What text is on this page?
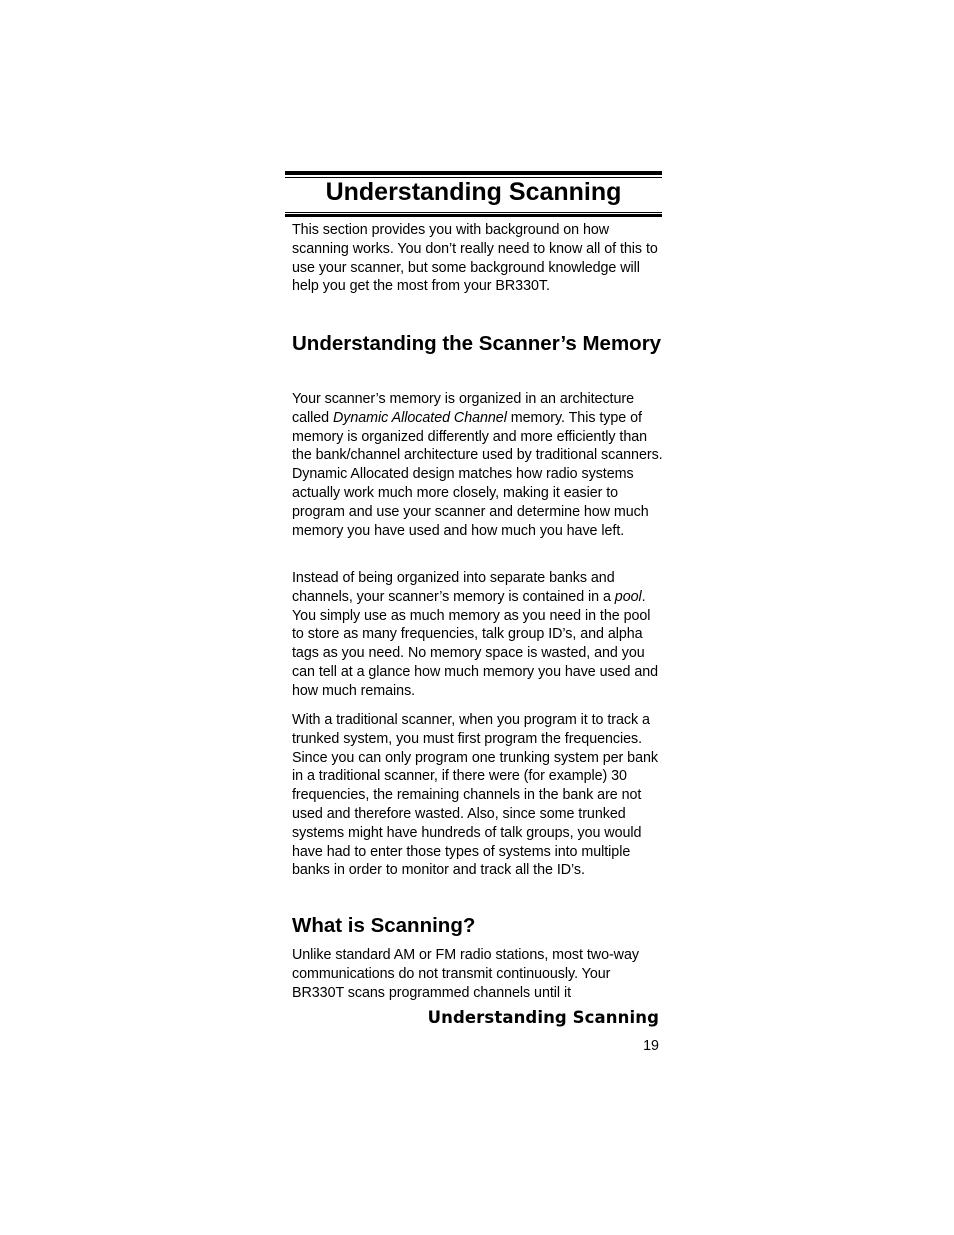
Understanding Scanning

This section provides you with background on how scanning works. You don’t really need to know all of this to use your scanner, but some background knowledge will help you get the most from your BR330T.

Understanding the Scanner’s Memory

Your scanner’s memory is organized in an architecture called Dynamic Allocated Channel memory. This type of memory is organized differently and more efficiently than the bank/channel architecture used by traditional scanners. Dynamic Allocated design matches how radio systems actually work much more closely, making it easier to program and use your scanner and determine how much memory you have used and how much you have left.

Instead of being organized into separate banks and channels, your scanner’s memory is contained in a pool. You simply use as much memory as you need in the pool to store as many frequencies, talk group ID’s, and alpha tags as you need. No memory space is wasted, and you can tell at a glance how much memory you have used and how much remains.

With a traditional scanner, when you program it to track a trunked system, you must first program the frequencies. Since you can only program one trunking system per bank in a traditional scanner, if there were (for example) 30 frequencies, the remaining channels in the bank are not used and therefore wasted. Also, since some trunked systems might have hundreds of talk groups, you would have had to enter those types of systems into multiple banks in order to monitor and track all the ID’s.

What is Scanning?

Unlike standard AM or FM radio stations, most two-way communications do not transmit continuously. Your BR330T scans programmed channels until it

Understanding Scanning
19
